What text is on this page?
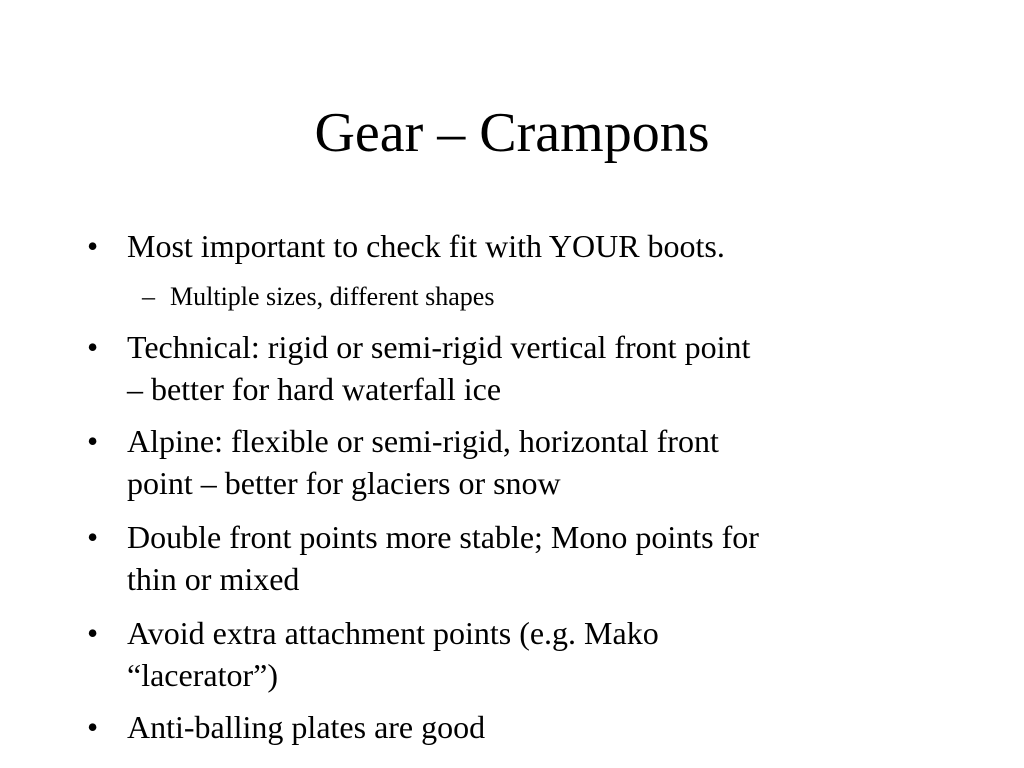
Gear – Crampons
• Most important to check fit with YOUR boots.
– Multiple sizes, different shapes
• Technical: rigid or semi-rigid vertical front point
– better for hard waterfall ice
• Alpine: flexible or semi-rigid, horizontal front
point – better for glaciers or snow
• Double front points more stable; Mono points for
thin or mixed
• Avoid extra attachment points (e.g. Mako
“lacerator”)
• Anti-balling plates are good
